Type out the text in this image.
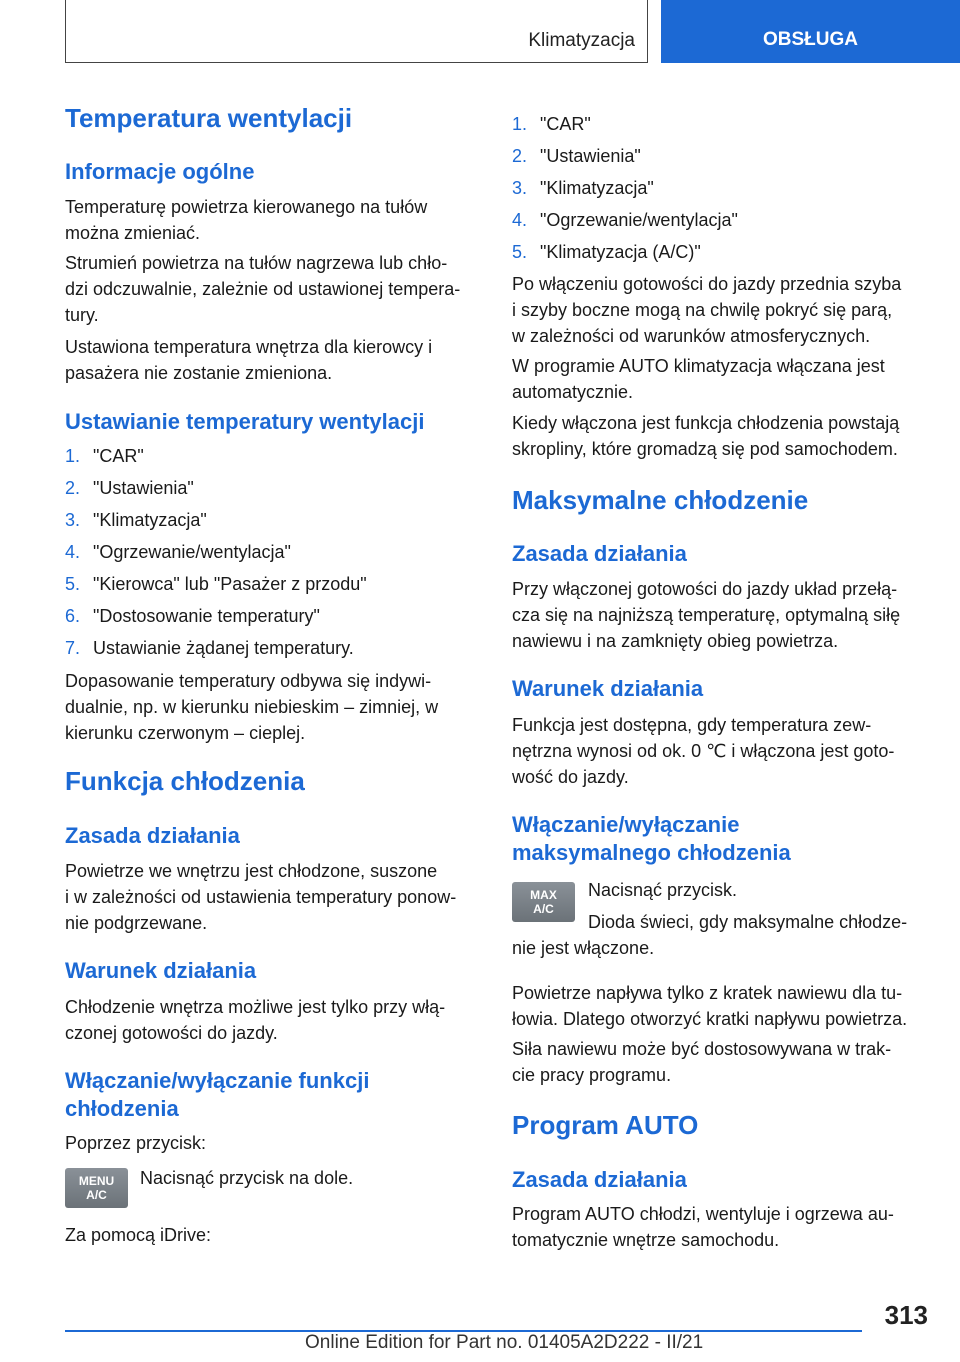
Klimatyzacja	OBSŁUGA
Temperatura wentylacji
Informacje ogólne
Temperaturę powietrza kierowanego na tułów
można zmieniać.
Strumień powietrza na tułów nagrzewa lub chło-
dzi odczuwalnie, zależnie od ustawionej tempera-
tury.
Ustawiona temperatura wnętrza dla kierowcy i
pasażera nie zostanie zmieniona.
Ustawianie temperatury wentylacji
1. "CAR"
2. "Ustawienia"
3. "Klimatyzacja"
4. "Ogrzewanie/wentylacja"
5. "Kierowca" lub "Pasażer z przodu"
6. "Dostosowanie temperatury"
7. Ustawianie żądanej temperatury.
Dopasowanie temperatury odbywa się indywi-
dualnie, np. w kierunku niebieskim – zimniej, w
kierunku czerwonym – cieplej.
Funkcja chłodzenia
Zasada działania
Powietrze we wnętrzu jest chłodzone, suszone
i w zależności od ustawienia temperatury ponow-
nie podgrzewane.
Warunek działania
Chłodzenie wnętrza możliwe jest tylko przy włą-
czonej gotowości do jazdy.
Włączanie/wyłączanie funkcji
chłodzenia
Poprzez przycisk:
MENU
A/C
Nacisnąć przycisk na dole.
Za pomocą iDrive:
1. "CAR"
2. "Ustawienia"
3. "Klimatyzacja"
4. "Ogrzewanie/wentylacja"
5. "Klimatyzacja (A/C)"
Po włączeniu gotowości do jazdy przednia szyba
i szyby boczne mogą na chwilę pokryć się parą,
w zależności od warunków atmosferycznych.
W programie AUTO klimatyzacja włączana jest
automatycznie.
Kiedy włączona jest funkcja chłodzenia powstają
skropliny, które gromadzą się pod samochodem.
Maksymalne chłodzenie
Zasada działania
Przy włączonej gotowości do jazdy układ przełą-
cza się na najniższą temperaturę, optymalną siłę
nawiewu i na zamknięty obieg powietrza.
Warunek działania
Funkcja jest dostępna, gdy temperatura zew-
nętrzna wynosi od ok. 0 ℃ i włączona jest goto-
wość do jazdy.
Włączanie/wyłączanie
maksymalnego chłodzenia
MAX
A/C
Nacisnąć przycisk.
Dioda świeci, gdy maksymalne chłodze-
nie jest włączone.
Powietrze napływa tylko z kratek nawiewu dla tu-
łowia. Dlatego otworzyć kratki napływu powietrza.
Siła nawiewu może być dostosowywana w trak-
cie pracy programu.
Program AUTO
Zasada działania
Program AUTO chłodzi, wentyluje i ogrzewa au-
tomatycznie wnętrze samochodu.
313
Online Edition for Part no. 01405A2D222 - II/21
